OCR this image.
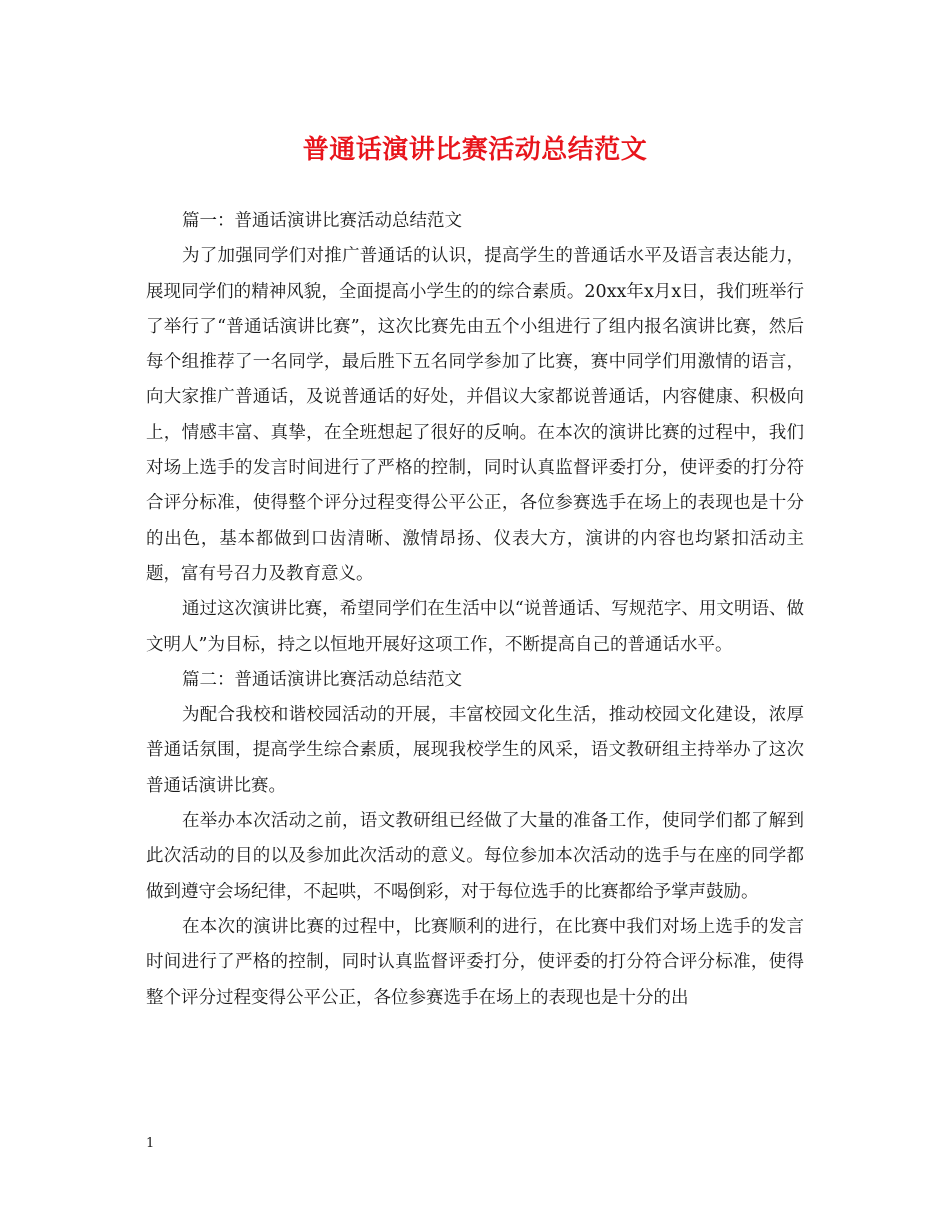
普通话演讲比赛活动总结范文

篇一：普通话演讲比赛活动总结范文

为了加强同学们对推广普通话的认识，提高学生的普通话水平及语言表达能力，展现同学们的精神风貌，全面提高小学生的的综合素质。20xx年x月x日，我们班举行了举行了“普通话演讲比赛”，这次比赛先由五个小组进行了组内报名演讲比赛，然后每个组推荐了一名同学，最后胜下五名同学参加了比赛，赛中同学们用激情的语言，向大家推广普通话，及说普通话的好处，并倡议大家都说普通话，内容健康、积极向上，情感丰富、真挚，在全班想起了很好的反响。在本次的演讲比赛的过程中，我们对场上选手的发言时间进行了严格的控制，同时认真监督评委打分，使评委的打分符合评分标准，使得整个评分过程变得公平公正，各位参赛选手在场上的表现也是十分的出色，基本都做到口齿清晰、激情昂扬、仪表大方，演讲的内容也均紧扣活动主题，富有号召力及教育意义。

通过这次演讲比赛，希望同学们在生活中以“说普通话、写规范字、用文明语、做文明人”为目标，持之以恒地开展好这项工作，不断提高自己的普通话水平。

篇二：普通话演讲比赛活动总结范文

为配合我校和谐校园活动的开展，丰富校园文化生活，推动校园文化建设，浓厚普通话氛围，提高学生综合素质，展现我校学生的风采，语文教研组主持举办了这次普通话演讲比赛。

在举办本次活动之前，语文教研组已经做了大量的准备工作，使同学们都了解到此次活动的目的以及参加此次活动的意义。每位参加本次活动的选手与在座的同学都做到遵守会场纪律，不起哄，不喝倒彩，对于每位选手的比赛都给予掌声鼓励。

在本次的演讲比赛的过程中，比赛顺利的进行，在比赛中我们对场上选手的发言时间进行了严格的控制，同时认真监督评委打分，使评委的打分符合评分标准，使得整个评分过程变得公平公正，各位参赛选手在场上的表现也是十分的出

1
